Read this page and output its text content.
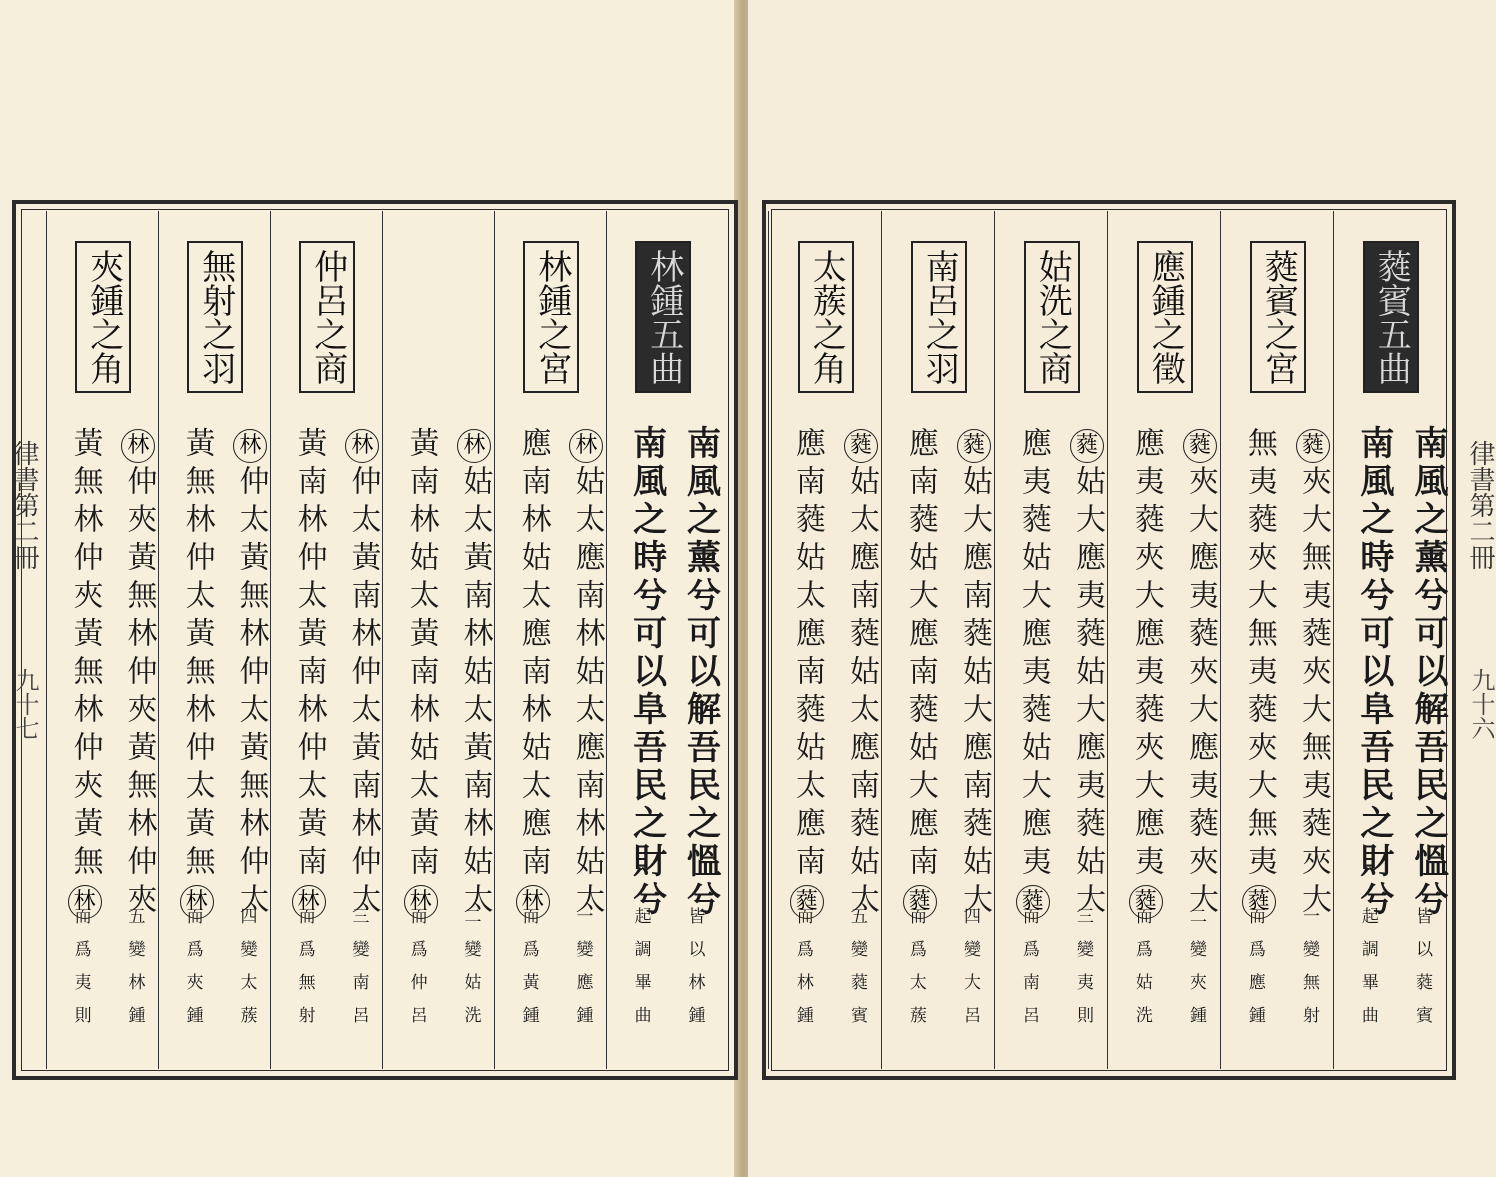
林鍾五曲
南風之薰兮可以解吾民之慍兮
皆以林鍾
南風之時兮可以阜吾民之財兮
起調畢曲
林鍾之宮
林
姑太應南林姑太應南林姑太
一變應鍾
應南林姑太應南林姑太應南
林
而爲黃鍾
林
姑太黃南林姑太黃南林姑太
二變姑洗
黃南林姑太黃南林姑太黃南
林
而爲仲呂
仲呂之商
林
仲太黃南林仲太黃南林仲太
三變南呂
黃南林仲太黃南林仲太黃南
林
而爲無射
無射之羽
林
仲太黃無林仲太黃無林仲太
四變太蔟
黃無林仲太黃無林仲太黃無
林
而爲夾鍾
夾鍾之角
林
仲夾黃無林仲夾黃無林仲夾
五變林鍾
黃無林仲夾黃無林仲夾黃無
林
而爲夷則
蕤賓五曲
南風之薰兮可以解吾民之慍兮
皆以蕤賓
南風之時兮可以阜吾民之財兮
起調畢曲
蕤賓之宮
蕤
夾大無夷蕤夾大無夷蕤夾大
一變無射
無夷蕤夾大無夷蕤夾大無夷
蕤
而爲應鍾
應鍾之徵
蕤
夾大應夷蕤夾大應夷蕤夾大
二變夾鍾
應夷蕤夾大應夷蕤夾大應夷
蕤
而爲姑洗
姑洗之商
蕤
姑大應夷蕤姑大應夷蕤姑大
三變夷則
應夷蕤姑大應夷蕤姑大應夷
蕤
而爲南呂
南呂之羽
蕤
姑大應南蕤姑大應南蕤姑大
四變大呂
應南蕤姑大應南蕤姑大應南
蕤
而爲太蔟
太蔟之角
蕤
姑太應南蕤姑太應南蕤姑太
五變蕤賓
應南蕤姑太應南蕤姑太應南
蕤
而爲林鍾
律書第二冊
九十七
律書第二冊
九十六
